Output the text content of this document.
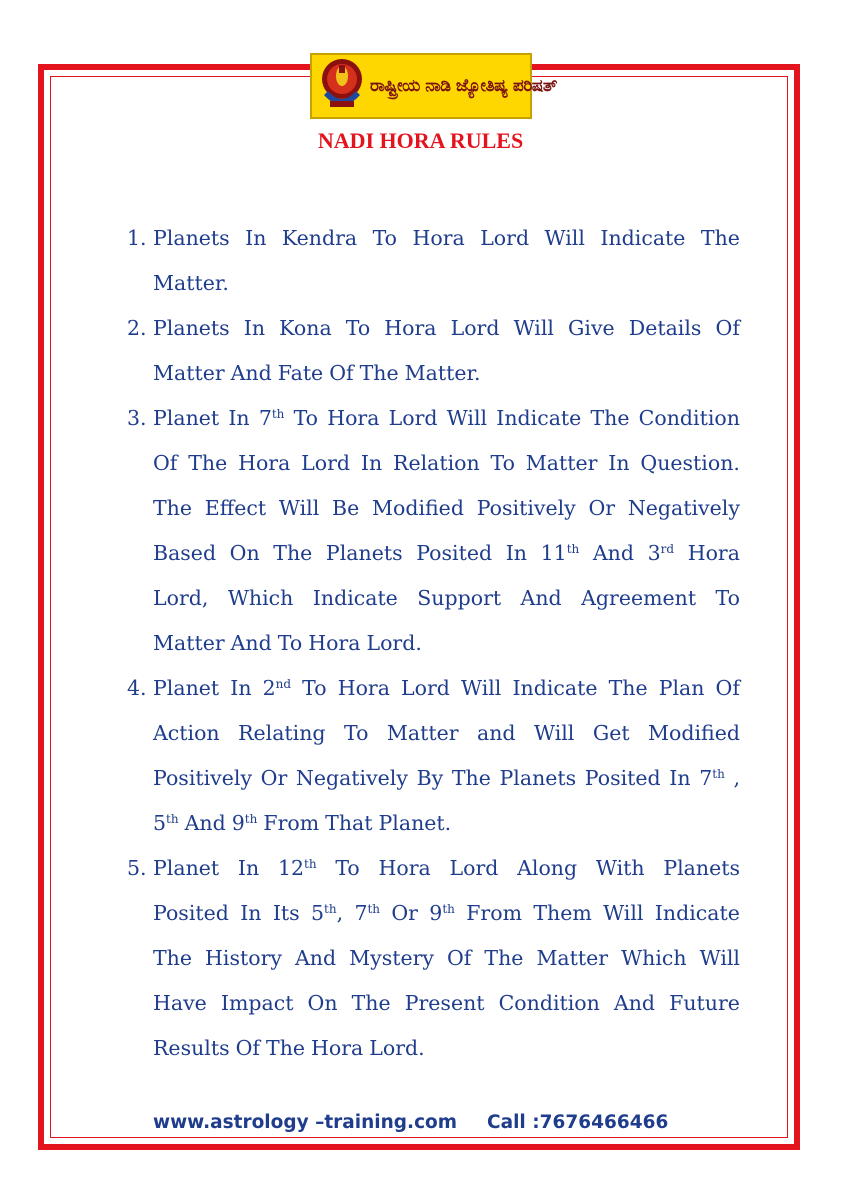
ರಾಷ್ಟ್ರೀಯ ನಾಡಿ ಜ್ಯೋತಿಷ್ಯ ಪರಿಷತ್
NADI HORA RULES
1. Planets In Kendra To Hora Lord Will Indicate The
Matter.
2. Planets In Kona To Hora Lord Will Give Details Of
Matter And Fate Of The Matter.
3. Planet In 7th To Hora Lord Will Indicate The Condition
Of The Hora Lord In Relation To Matter In Question.
The Effect Will Be Modified Positively Or Negatively
Based On The Planets Posited In 11th And 3rd Hora
Lord, Which Indicate Support And Agreement To
Matter And To Hora Lord.
4. Planet In 2nd To Hora Lord Will Indicate The Plan Of
Action Relating To Matter and Will Get Modified
Positively Or Negatively By The Planets Posited In 7th ,
5th And 9th From That Planet.
5. Planet In 12th To Hora Lord Along With Planets
Posited In Its 5th, 7th Or 9th From Them Will Indicate
The History And Mystery Of The Matter Which Will
Have Impact On The Present Condition And Future
Results Of The Hora Lord.
www.astrology –training.com Call :7676466466
